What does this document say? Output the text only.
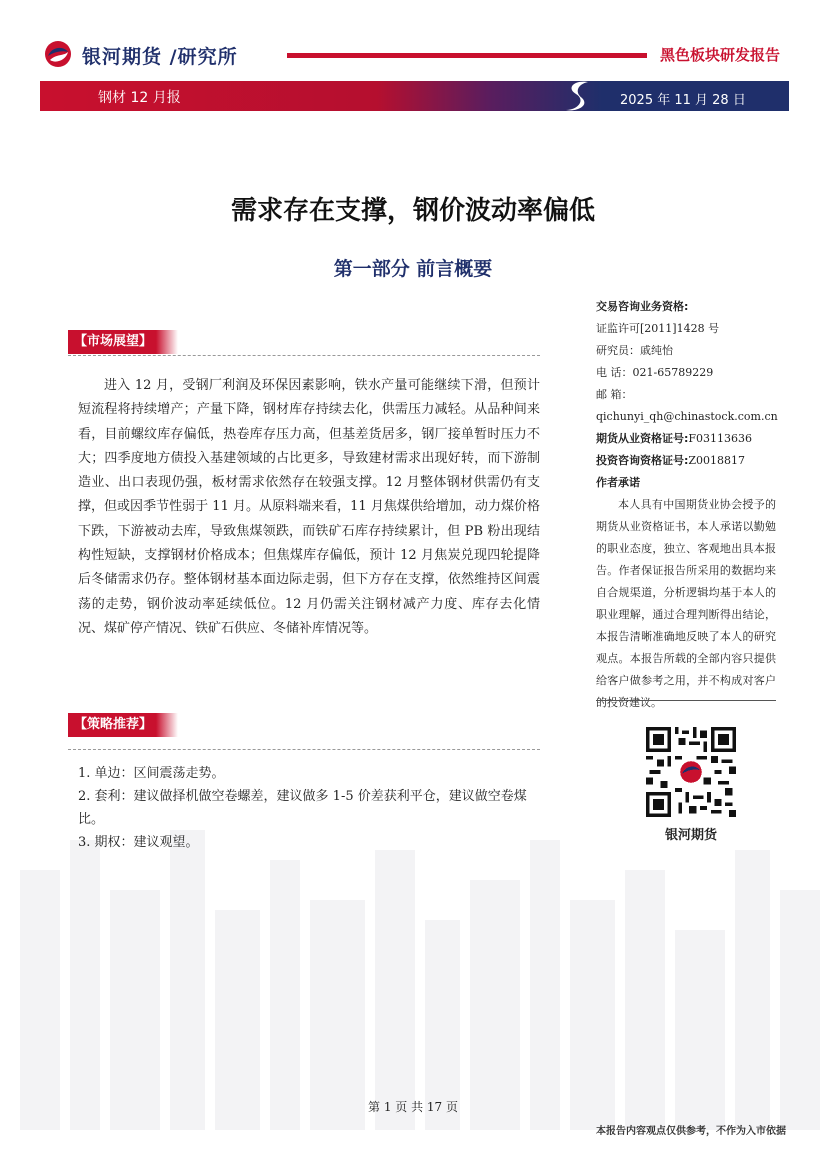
银河期货 /研究所	黑色板块研发报告
钢材 12 月报	2025 年 11 月 28 日
需求存在支撑，钢价波动率偏低
第一部分 前言概要
【市场展望】

进入 12 月，受钢厂利润及环保因素影响，铁水产量可能继续下滑，但预计短流程将持续增产；产量下降，钢材库存持续去化，供需压力减轻。从品种间来看，目前螺纹库存偏低，热卷库存压力高，但基差货居多，钢厂接单暂时压力不大；四季度地方债投入基建领域的占比更多，导致建材需求出现好转，而下游制造业、出口表现仍强，板材需求依然存在较强支撑。12 月整体钢材供需仍有支撑，但或因季节性弱于 11 月。从原料端来看，11 月焦煤供给增加，动力煤价格下跌，下游被动去库，导致焦煤领跌，而铁矿石库存持续累计，但 PB 粉出现结构性短缺，支撑钢材价格成本；但焦煤库存偏低，预计 12 月焦炭兑现四轮提降后冬储需求仍存。整体钢材基本面边际走弱，但下方存在支撑，依然维持区间震荡的走势，钢价波动率延续低位。12 月仍需关注钢材减产力度、库存去化情况、煤矿停产情况、铁矿石供应、冬储补库情况等。

【策略推荐】

1. 单边：区间震荡走势。

2. 套利：建议做择机做空卷螺差，建议做多 1-5 价差获利平仓，建议做空卷煤比。

3. 期权：建议观望。

交易咨询业务资格:
证监许可[2011]1428 号
研究员：戚纯怡
电 话：021-65789229
邮 箱：
qichunyi_qh@chinastock.com.cn
期货从业资格证号:F03113636
投资咨询资格证号:Z0018817
作者承诺

本人具有中国期货业协会授予的期货从业资格证书，本人承诺以勤勉的职业态度，独立、客观地出具本报告。作者保证报告所采用的数据均来自合规渠道，分析逻辑均基于本人的职业理解，通过合理判断得出结论，本报告清晰准确地反映了本人的研究观点。本报告所载的全部内容只提供给客户做参考之用，并不构成对客户的投资建议。

银河期货
第 1 页 共 17 页
本报告内容观点仅供参考，不作为入市依据
